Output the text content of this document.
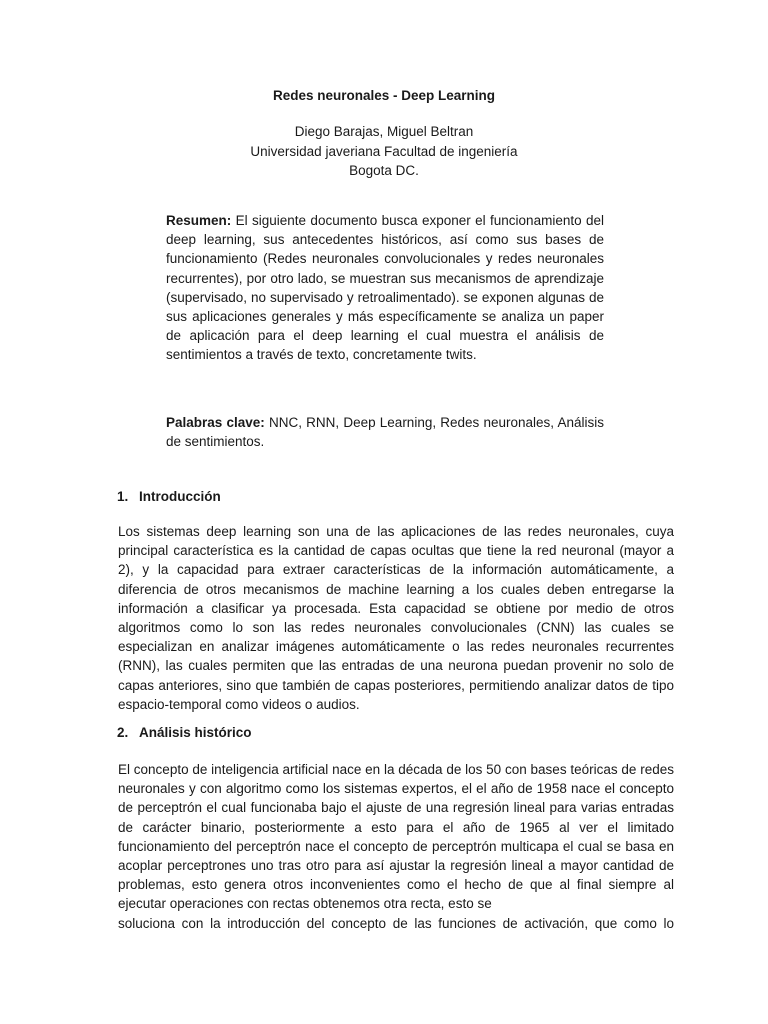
Redes neuronales - Deep Learning
Diego Barajas, Miguel Beltran
Universidad javeriana Facultad de ingeniería
Bogota DC.
Resumen: El siguiente documento busca exponer el funcionamiento del deep learning, sus antecedentes históricos, así como sus bases de funcionamiento (Redes neuronales convolucionales y redes neuronales recurrentes), por otro lado, se muestran sus mecanismos de aprendizaje (supervisado, no supervisado y retroalimentado). se exponen algunas de sus aplicaciones generales y más específicamente se analiza un paper de aplicación para el deep learning el cual muestra el análisis de sentimientos a través de texto, concretamente twits.
Palabras clave: NNC, RNN, Deep Learning, Redes neuronales, Análisis de sentimientos.
1. Introducción
Los sistemas deep learning son una de las aplicaciones de las redes neuronales, cuya principal característica es la cantidad de capas ocultas que tiene la red neuronal (mayor a 2), y la capacidad para extraer características de la información automáticamente, a diferencia de otros mecanismos de machine learning a los cuales deben entregarse la información a clasificar ya procesada. Esta capacidad se obtiene por medio de otros algoritmos como lo son las redes neuronales convolucionales (CNN) las cuales se especializan en analizar imágenes automáticamente o las redes neuronales recurrentes (RNN), las cuales permiten que las entradas de una neurona puedan provenir no solo de capas anteriores, sino que también de capas posteriores, permitiendo analizar datos de tipo espacio-temporal como videos o audios.
2. Análisis histórico
El concepto de inteligencia artificial nace en la década de los 50 con bases teóricas de redes neuronales y con algoritmo como los sistemas expertos, el el año de 1958 nace el concepto de perceptrón el cual funcionaba bajo el ajuste de una regresión lineal para varias entradas de carácter binario, posteriormente a esto para el año de 1965 al ver el limitado funcionamiento del perceptrón nace el concepto de perceptrón multicapa el cual se basa en acoplar perceptrones uno tras otro para así ajustar la regresión lineal a mayor cantidad de problemas, esto genera otros inconvenientes como el hecho de que al final siempre al ejecutar operaciones con rectas obtenemos otra recta, esto se
soluciona con la introducción del concepto de las funciones de activación, que como lo
